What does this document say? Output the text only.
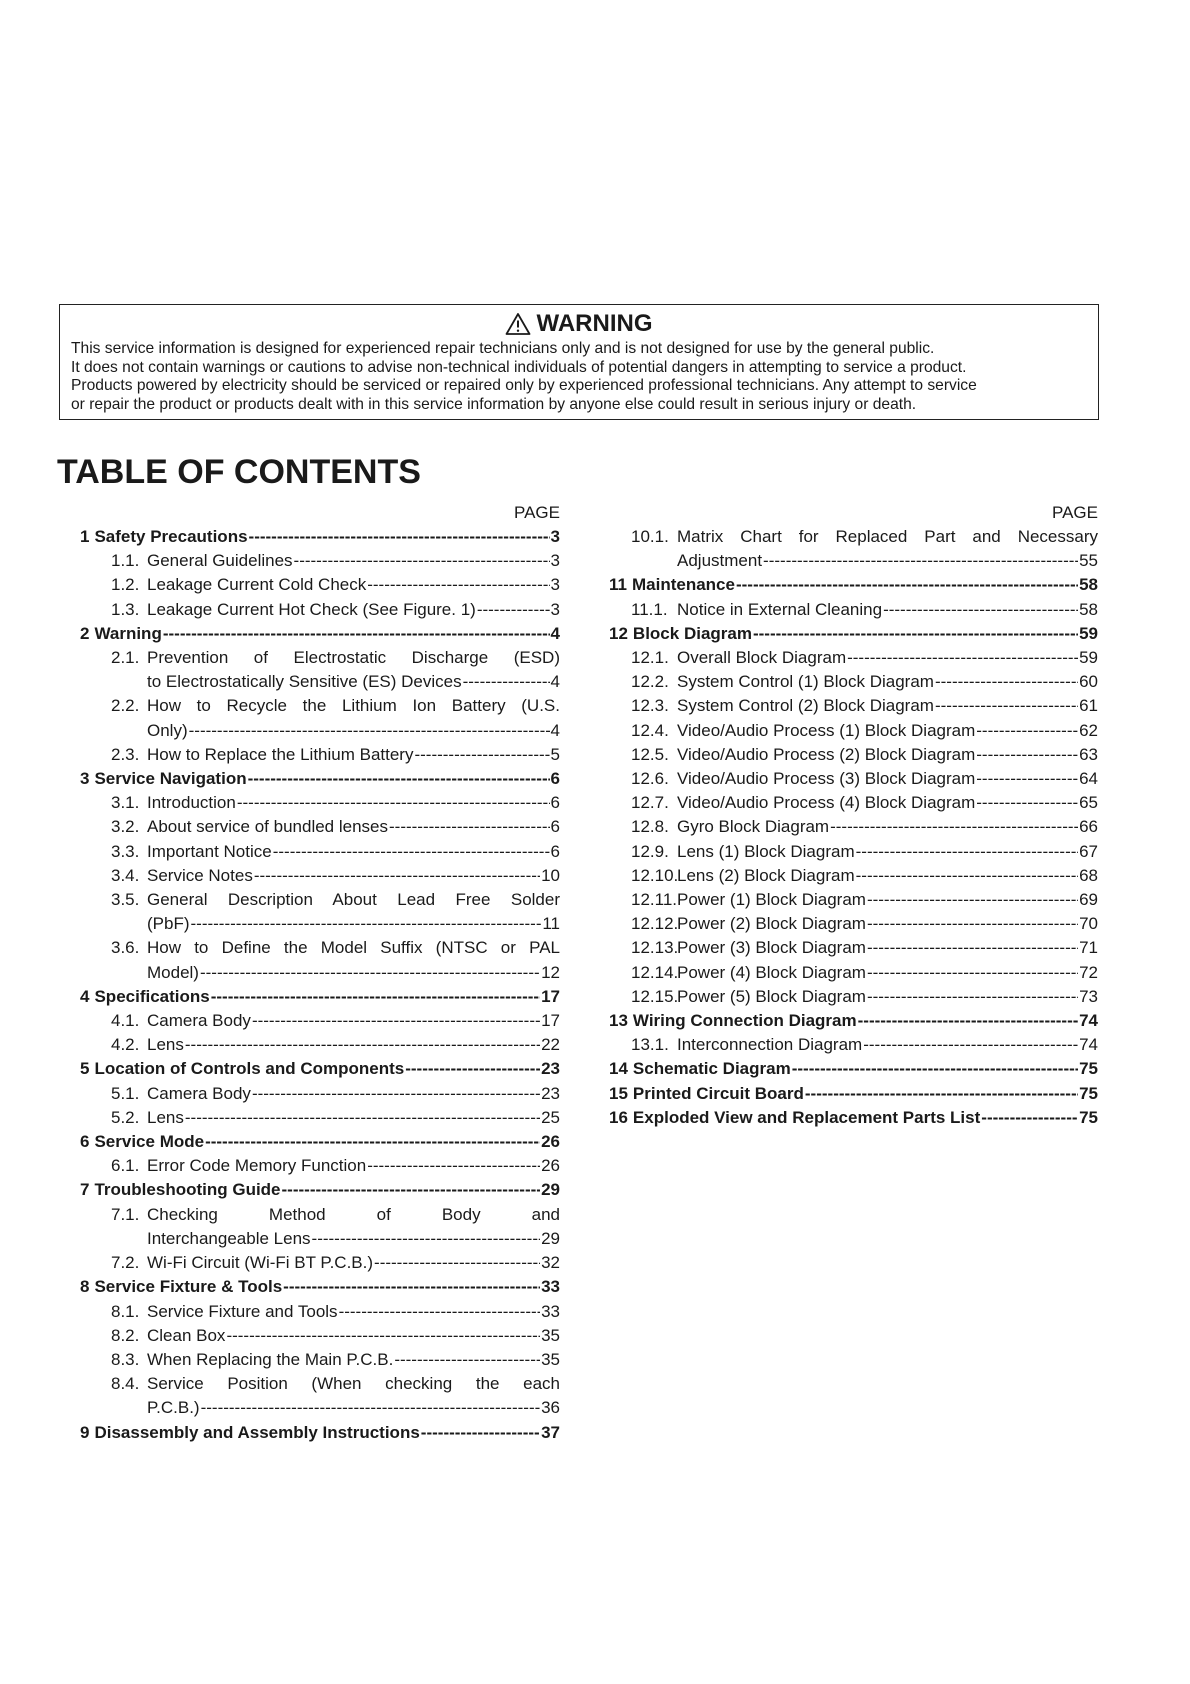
WARNING
This service information is designed for experienced repair technicians only and is not designed for use by the general public.
It does not contain warnings or cautions to advise non-technical individuals of potential dangers in attempting to service a product.
Products powered by electricity should be serviced or repaired only by experienced professional technicians. Any attempt to service
or repair the product or products dealt with in this service information by anyone else could result in serious injury or death.
TABLE OF CONTENTS
PAGE
1 Safety Precautions -----	3
1.1. General Guidelines -----	3
1.2. Leakage Current Cold Check -----	3
1.3. Leakage Current Hot Check (See Figure. 1) -----	3
2 Warning -----	4
2.1. Prevention of Electrostatic Discharge (ESD)
to Electrostatically Sensitive (ES) Devices -----	4
2.2. How to Recycle the Lithium Ion Battery (U.S.
Only) -----	4
2.3. How to Replace the Lithium Battery -----	5
3 Service Navigation -----	6
3.1. Introduction -----	6
3.2. About service of bundled lenses -----	6
3.3. Important Notice -----	6
3.4. Service Notes -----	10
3.5. General Description About Lead Free Solder
(PbF) -----	11
3.6. How to Define the Model Suffix (NTSC or PAL
Model) -----	12
4 Specifications -----	17
4.1. Camera Body -----	17
4.2. Lens -----	22
5 Location of Controls and Components -----	23
5.1. Camera Body -----	23
5.2. Lens -----	25
6 Service Mode -----	26
6.1. Error Code Memory Function -----	26
7 Troubleshooting Guide -----	29
7.1. Checking Method of Body and
Interchangeable Lens -----	29
7.2. Wi-Fi Circuit (Wi-Fi BT P.C.B.) -----	32
8 Service Fixture & Tools -----	33
8.1. Service Fixture and Tools -----	33
8.2. Clean Box -----	35
8.3. When Replacing the Main P.C.B. -----	35
8.4. Service Position (When checking the each
P.C.B.) -----	36
9 Disassembly and Assembly Instructions -----	37
PAGE
10.1. Matrix Chart for Replaced Part and Necessary
Adjustment -----	55
11 Maintenance -----	58
11.1. Notice in External Cleaning -----	58
12 Block Diagram -----	59
12.1. Overall Block Diagram -----	59
12.2. System Control (1) Block Diagram -----	60
12.3. System Control (2) Block Diagram -----	61
12.4. Video/Audio Process (1) Block Diagram -----	62
12.5. Video/Audio Process (2) Block Diagram -----	63
12.6. Video/Audio Process (3) Block Diagram -----	64
12.7. Video/Audio Process (4) Block Diagram -----	65
12.8. Gyro Block Diagram -----	66
12.9. Lens (1) Block Diagram -----	67
12.10.
Lens (2) Block Diagram -----	68
12.11. Power (1) Block Diagram -----	69
12.12.
Power (2) Block Diagram -----	70
12.13.
Power (3) Block Diagram -----	71
12.14.
Power (4) Block Diagram -----	72
12.15.
Power (5) Block Diagram -----	73
13 Wiring Connection Diagram -----	74
13.1. Interconnection Diagram -----	74
14 Schematic Diagram -----	75
15 Printed Circuit Board -----	75
16 Exploded View and Replacement Parts List -----	75
